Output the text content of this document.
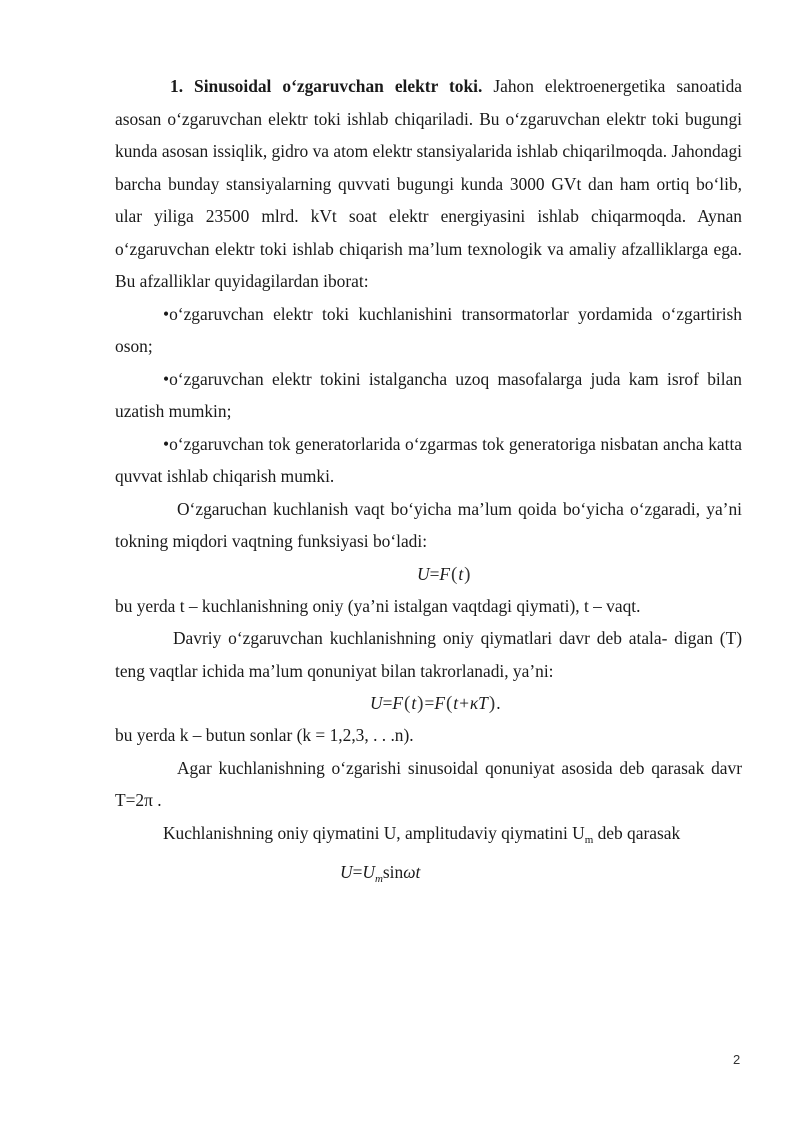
1. Sinusoidal o‘zgaruvchan elektr toki. Jahon elektroenergetika sanoatida asosan o‘zgaruvchan elektr toki ishlab chiqariladi. Bu o‘zgaruvchan elektr toki bugungi kunda asosan issiqlik, gidro va atom elektr stansiyalarida ishlab chiqarilmoqda. Jahondagi barcha bunday stansiyalarning quvvati bugungi kunda 3000 GVt dan ham ortiq bo‘lib, ular yiliga 23500 mlrd. kVt soat elektr energiyasini ishlab chiqarmoqda. Aynan o‘zgaruvchan elektr toki ishlab chiqarish ma’lum texnologik va amaliy afzalliklarga ega. Bu afzalliklar quyidagilardan iborat:

•o‘zgaruvchan elektr toki kuchlanishini transormatorlar yordamida o‘zgartirish oson;

•o‘zgaruvchan elektr tokini istalgancha uzoq masofalarga juda kam isrof bilan uzatish mumkin;

•o‘zgaruvchan tok generatorlarida o‘zgarmas tok generatoriga nisbatan ancha katta quvvat ishlab chiqarish mumki.

O‘zgaruchan kuchlanish vaqt bo‘yicha ma’lum qoida bo‘yicha o‘zgaradi, ya’ni tokning miqdori vaqtning funksiyasi bo‘ladi:

U=F(t)

bu yerda t – kuchlanishning oniy (ya’ni istalgan vaqtdagi qiymati), t – vaqt.

Davriy o‘zgaruvchan kuchlanishning oniy qiymatlari davr deb atala- digan (T) teng vaqtlar ichida ma’lum qonuniyat bilan takrorlanadi, ya’ni:

U=F(t)=F(t+κT).

bu yerda k – butun sonlar (k = 1,2,3, . . .n).

Agar kuchlanishning o‘zgarishi sinusoidal qonuniyat asosida deb qarasak davr T=2π .

Kuchlanishning oniy qiymatini U, amplitudaviy qiymatini $U_m$ deb qarasak

$U=U_m\sin\omega t$

2
